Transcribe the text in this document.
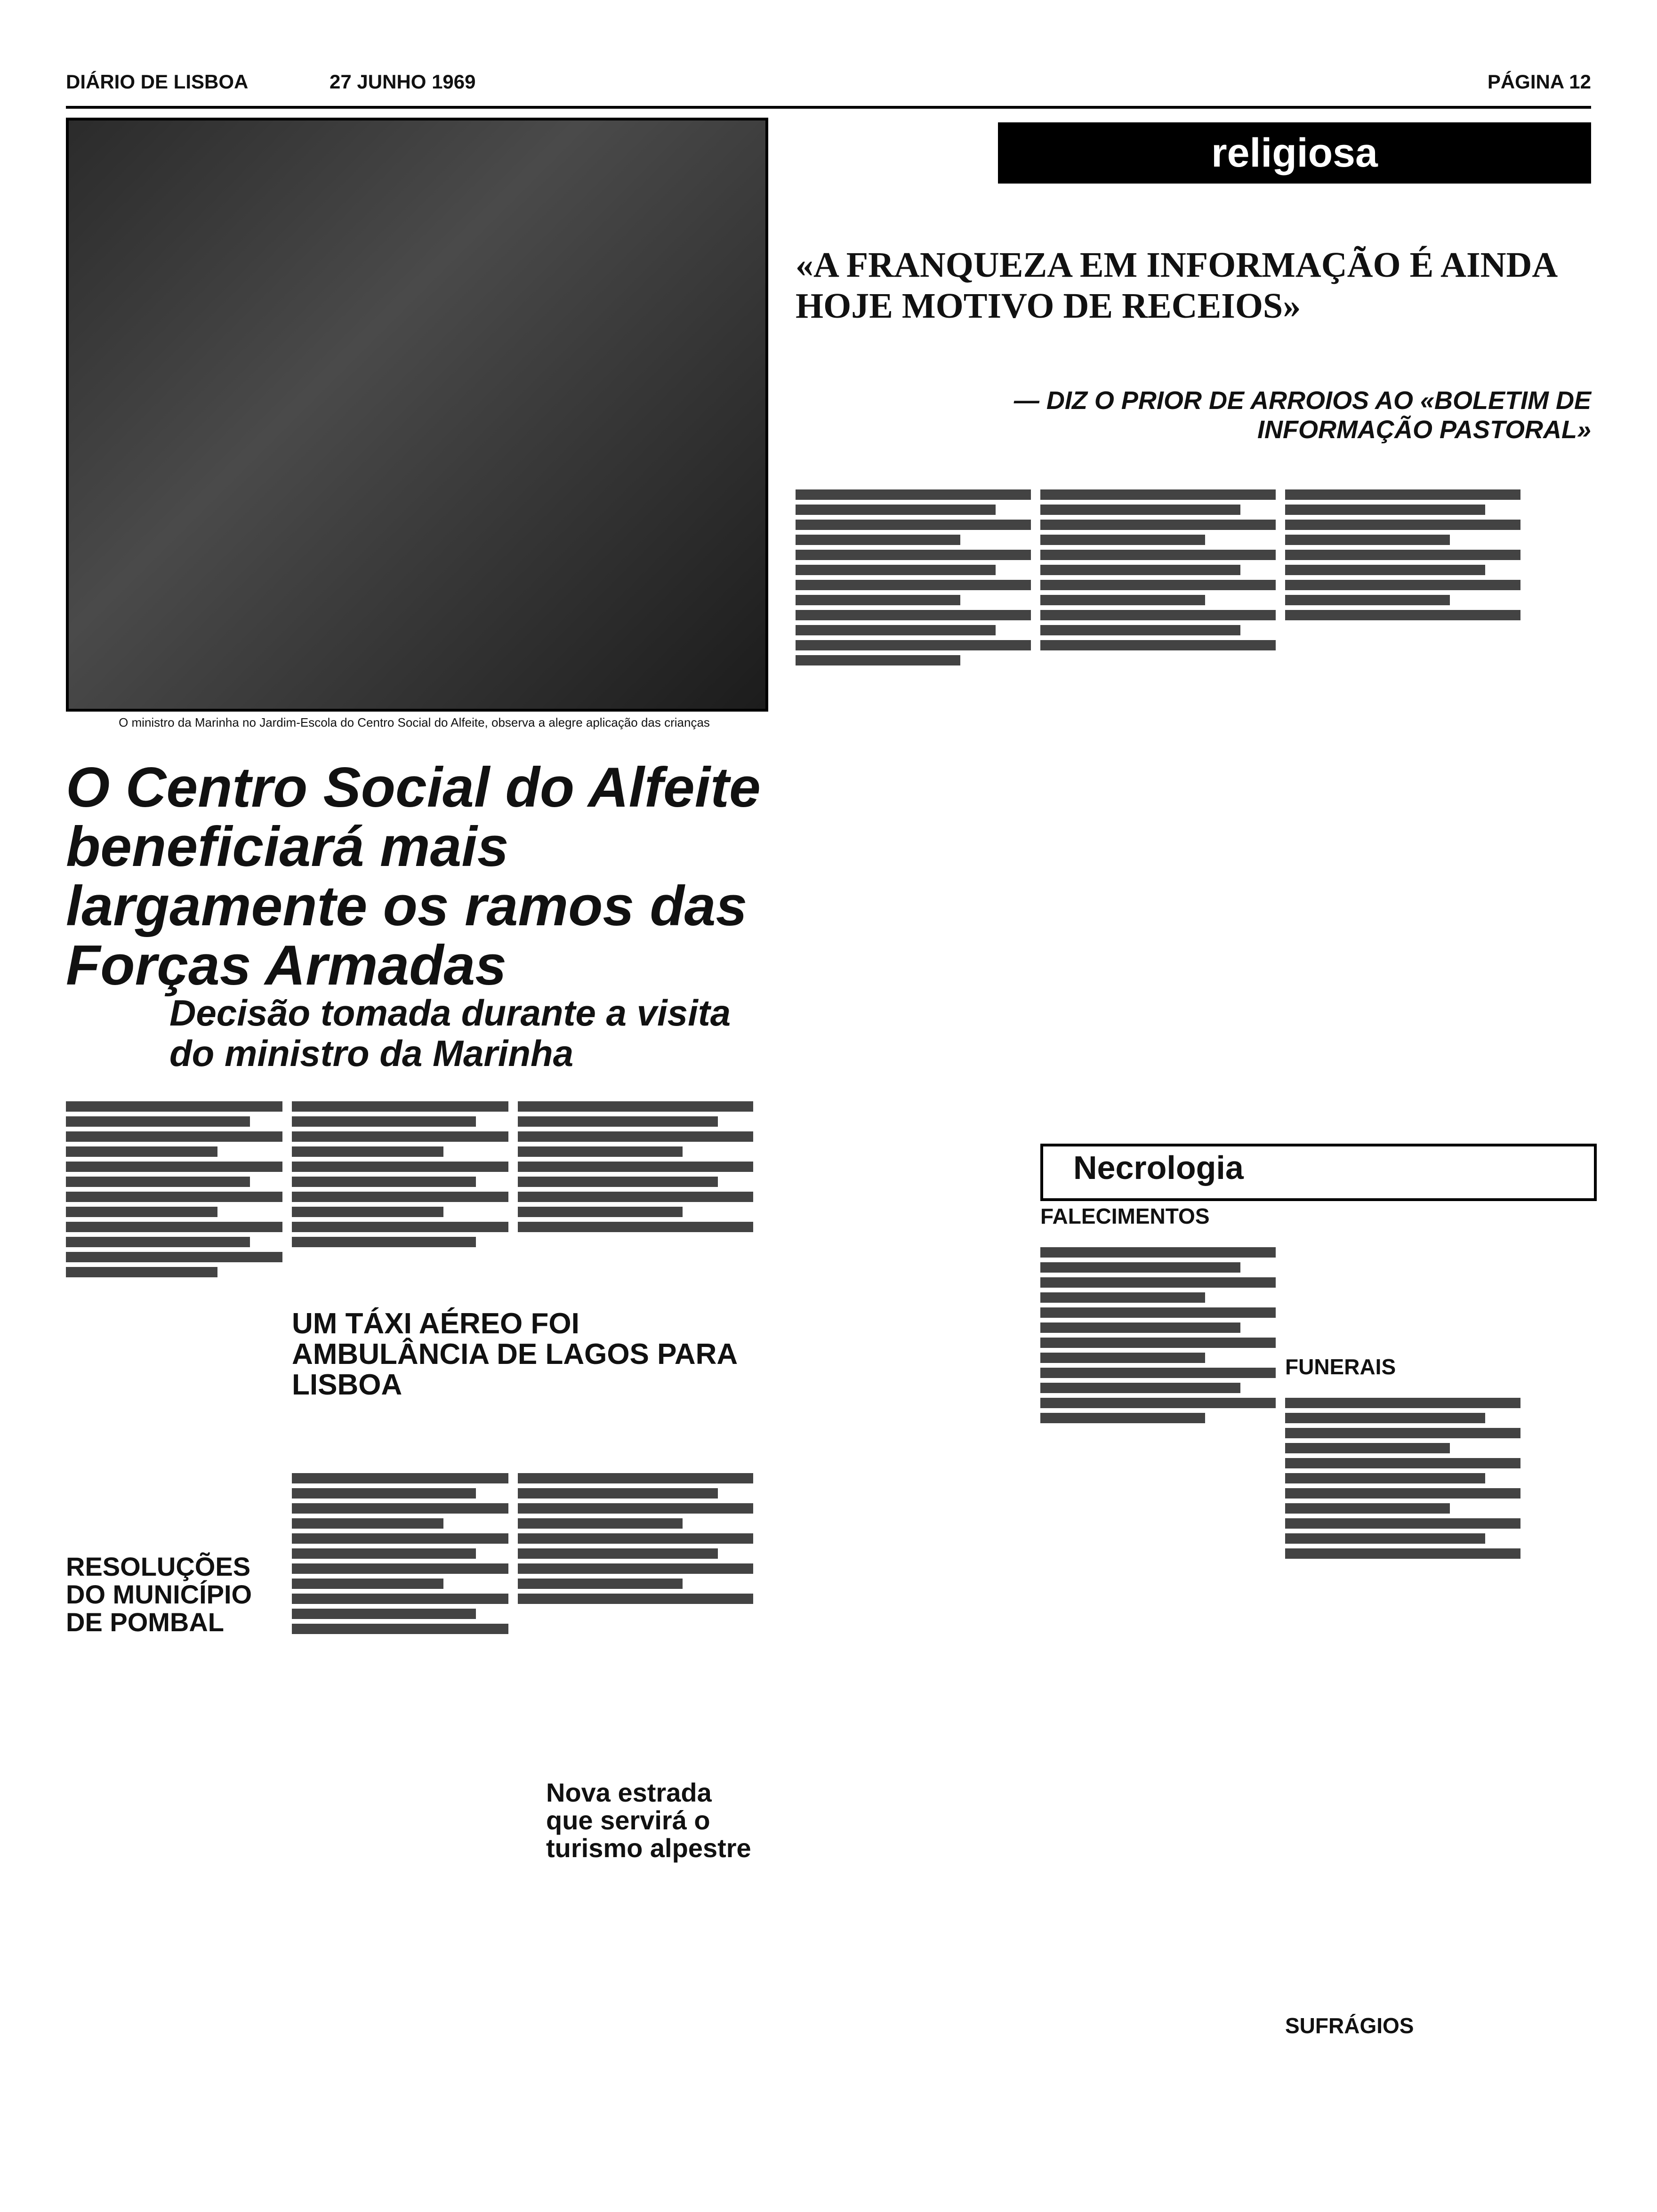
DIÁRIO DE LISBOA	27 JUNHO 1969	PÁGINA 12
O ministro da Marinha no Jardim-Escola do Centro Social do Alfeite, observa a alegre aplicação das crianças
O Centro Social do Alfeite beneficiará mais largamente os ramos das Forças Armadas
Decisão tomada durante a visita do ministro da Marinha
religiosa
«A FRANQUEZA EM INFORMAÇÃO É AINDA HOJE MOTIVO DE RECEIOS»
— DIZ O PRIOR DE ARROIOS AO «BOLETIM DE INFORMAÇÃO PASTORAL»
UM TÁXI AÉREO FOI AMBULÂNCIA DE LAGOS PARA LISBOA
RESOLUÇÕES DO MUNICÍPIO DE POMBAL
Nova estrada que servirá o turismo alpestre
Necrologia
FALECIMENTOS
FUNERAIS
SUFRÁGIOS
